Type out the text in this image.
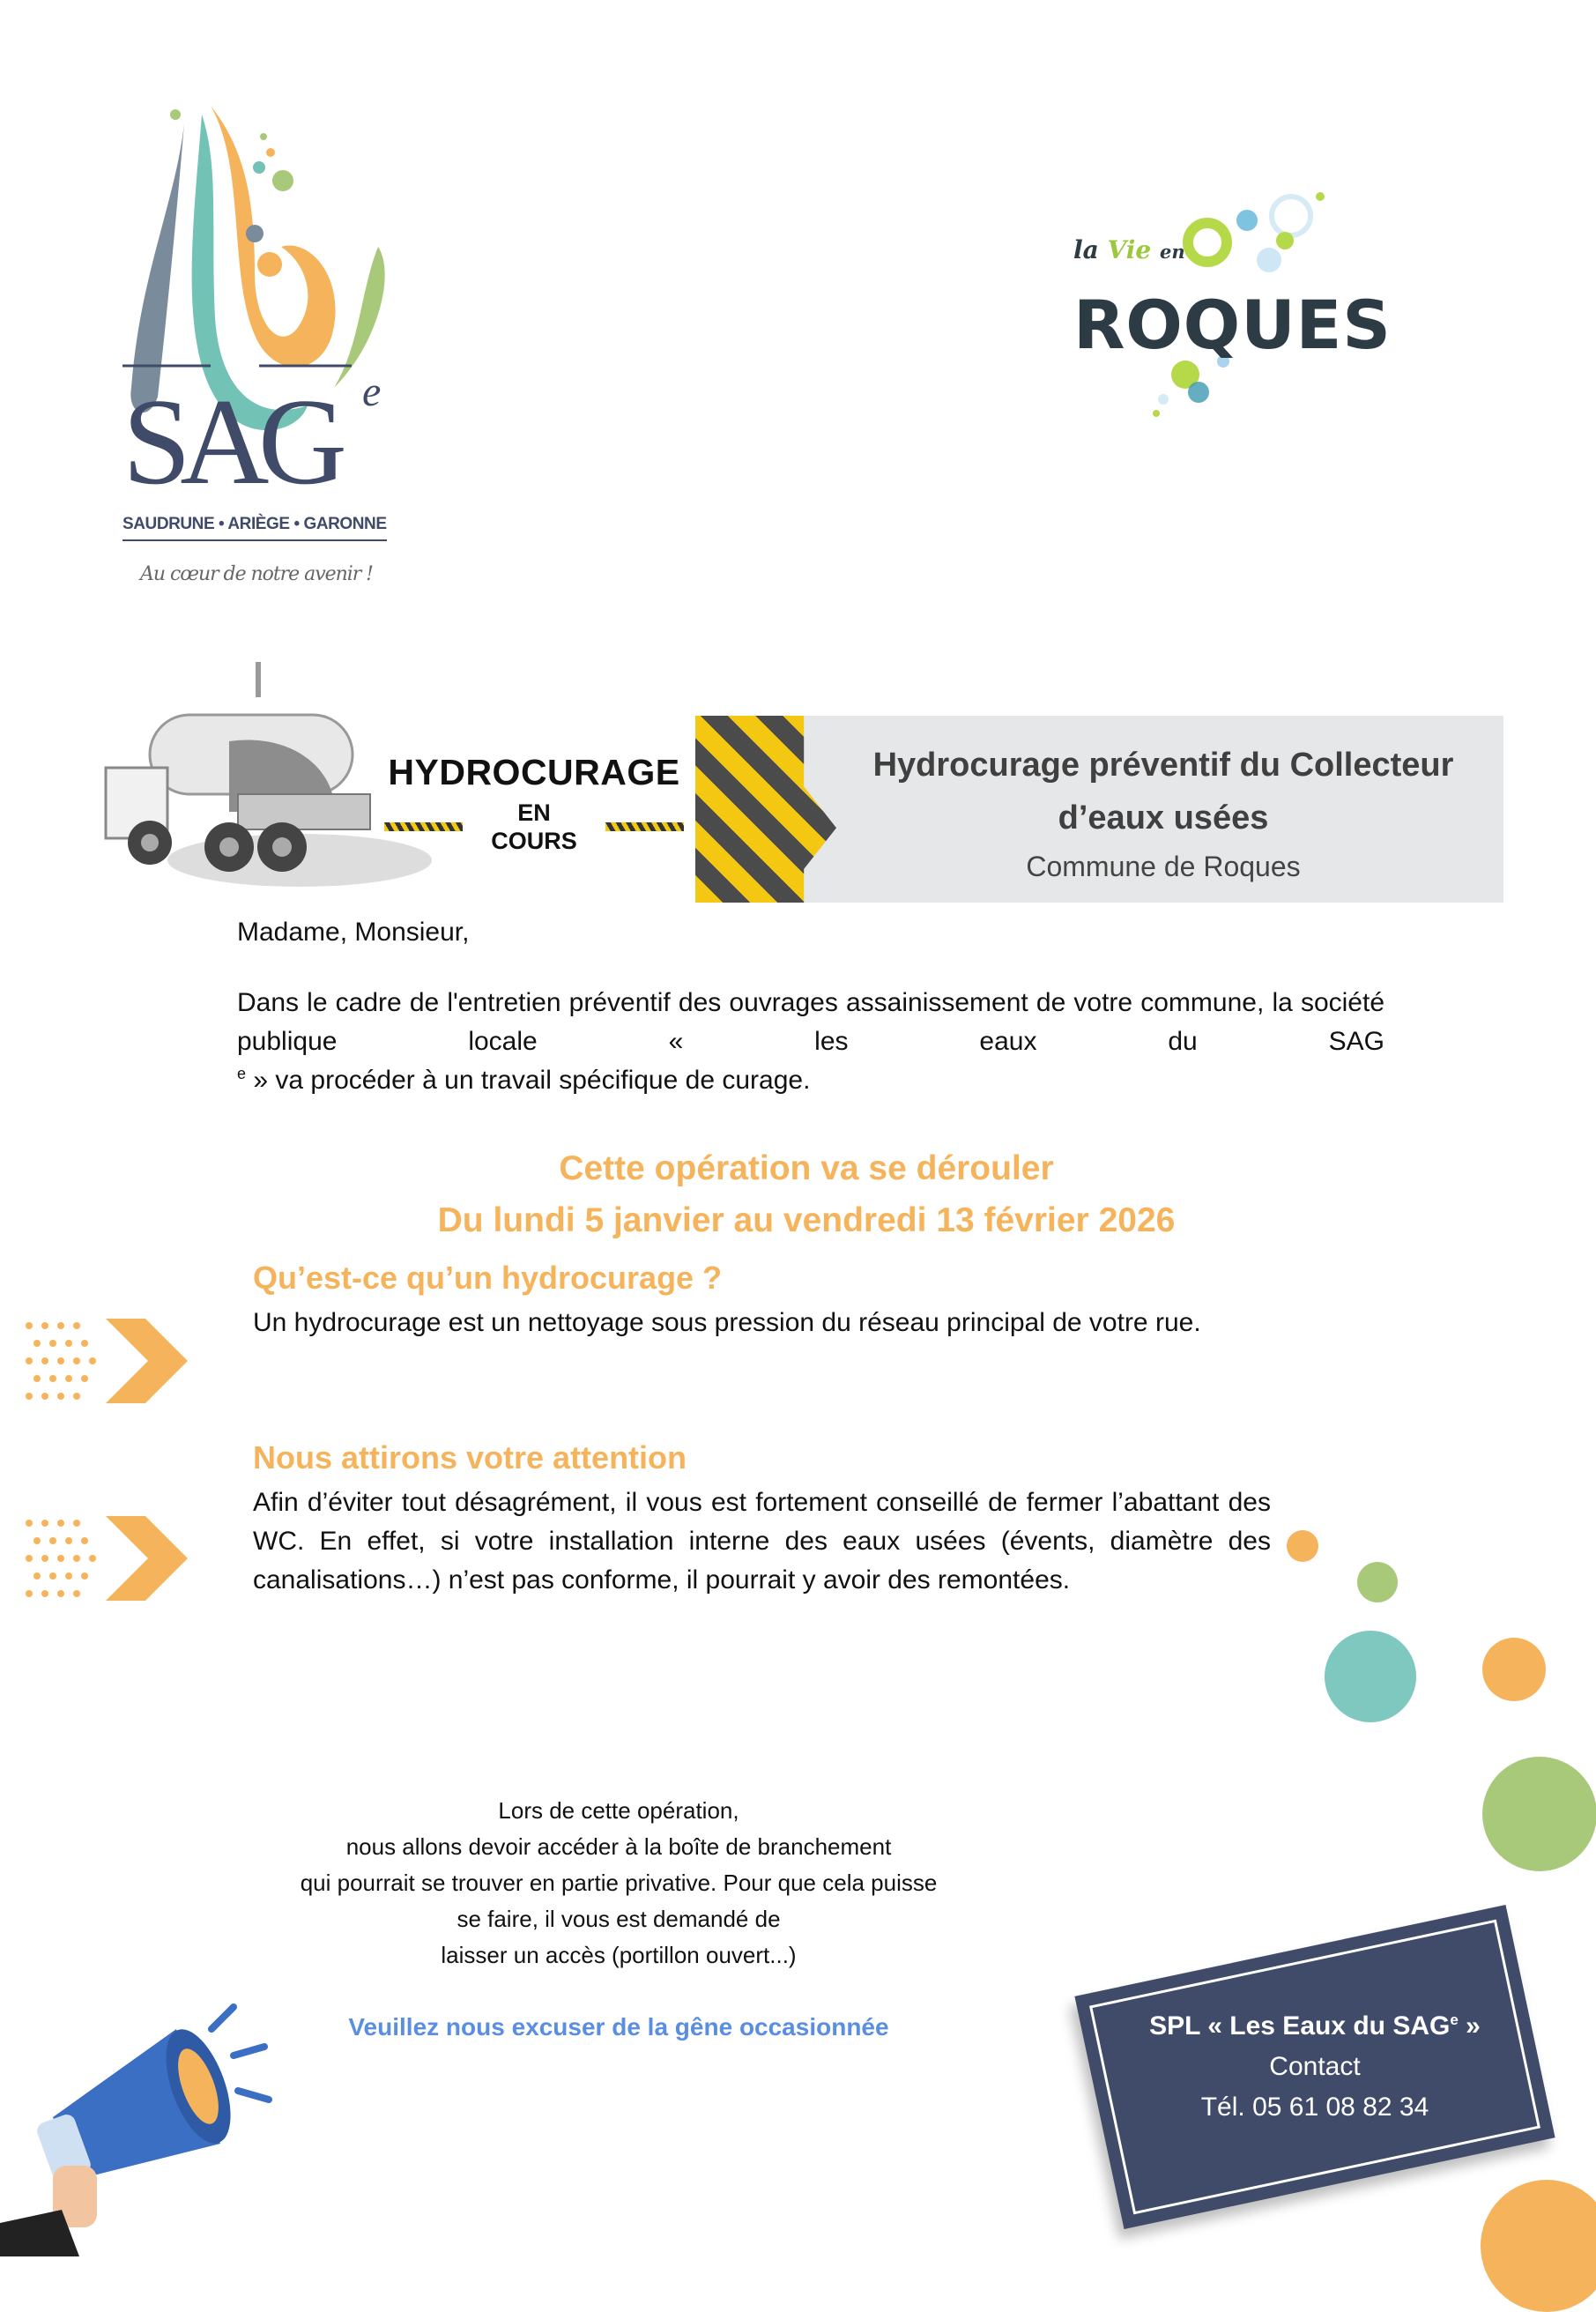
SAG e
SAUDRUNE • ARIÈGE • GARONNE
Au cœur de notre avenir !
la Vie en
ROQUES
HYDROCURAGE
EN COURS
Hydrocurage préventif du Collecteur
d’eaux usées
Commune de Roques
Madame, Monsieur,
Dans le cadre de l'entretien préventif des ouvrages assainissement de votre commune, la société publique locale « les eaux du SAG
$^e$ » va procéder à un travail spécifique de curage.
Cette opération va se dérouler
Du lundi 5 janvier au vendredi 13 février 2026
Qu’est-ce qu’un hydrocurage ?
Un hydrocurage est un nettoyage sous pression du réseau principal de votre rue.
Nous attirons votre attention
Afin d’éviter tout désagrément, il vous est fortement conseillé de fermer l’abattant des WC. En effet, si votre installation interne des eaux usées (évents, diamètre des canalisations…) n’est pas conforme, il pourrait y avoir des remontées.
Lors de cette opération,
nous allons devoir accéder à la boîte de branchement
qui pourrait se trouver en partie privative. Pour que cela puisse
se faire, il vous est demandé de
laisser un accès (portillon ouvert...)
Veuillez nous excuser de la gêne occasionnée	SPL « Les Eaux du SAG$^e$ »
Contact
Tél. 05 61 08 82 34
